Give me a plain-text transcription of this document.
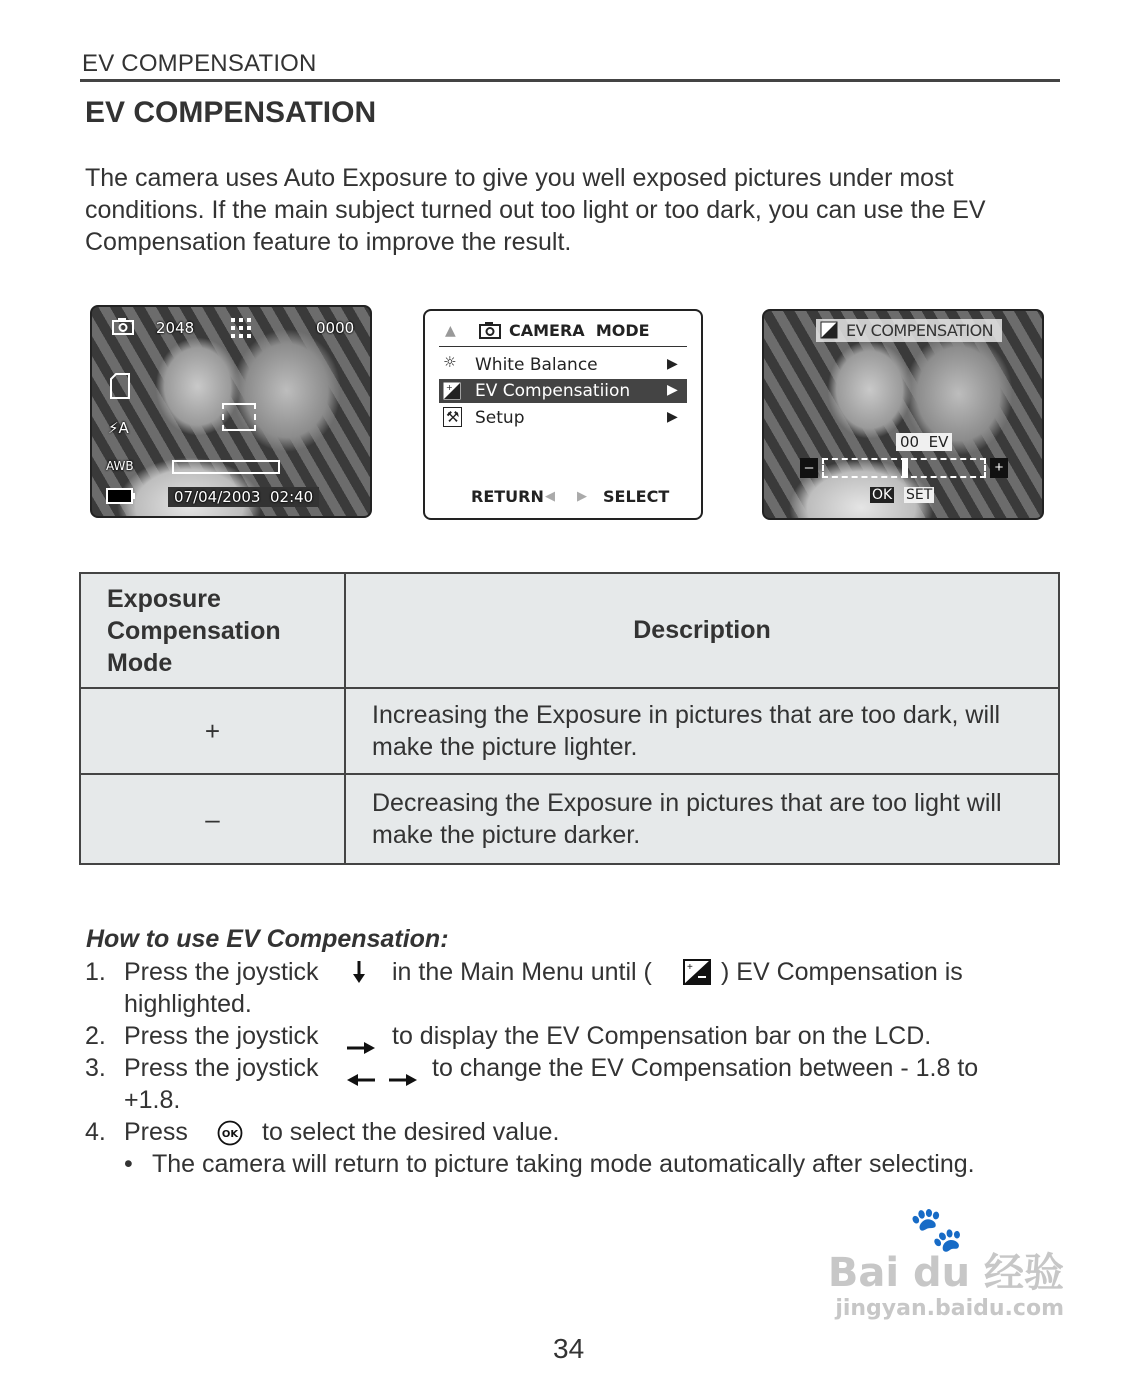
EV COMPENSATION
EV COMPENSATION

The camera uses Auto Exposure to give you well exposed pictures under most conditions. If the main subject turned out too light or too dark, you can use the EV Compensation feature to improve the result.

2048	0000
⚡A
AWB
07/04/2003  02:40
▲	CAMERA  MODE
☼ White Balance	▶
+ EV Compensatiion	▶
⚒ Setup	▶
RETURN ◀ ▶ SELECT
EV COMPENSATION
00  EV
–	+
OK SET
Exposure
Compensation
Mode	Description
+	Increasing the Exposure in pictures that are too dark, will make the picture lighter.
–	Decreasing the Exposure in pictures that are too light will make the picture darker.
How to use EV Compensation:
1. Press the joystick	in the Main Menu until (	+ ) EV Compensation is
highlighted.
2. Press the joystick	to display the EV Compensation bar on the LCD.
3. Press the joystick	to change the EV Compensation between - 1.8 to
+1.8.
4. Press	OK to select the desired value.
• The camera will return to picture taking mode automatically after selecting.
🐾
Bai du 经验
jingyan.baidu.com
34
